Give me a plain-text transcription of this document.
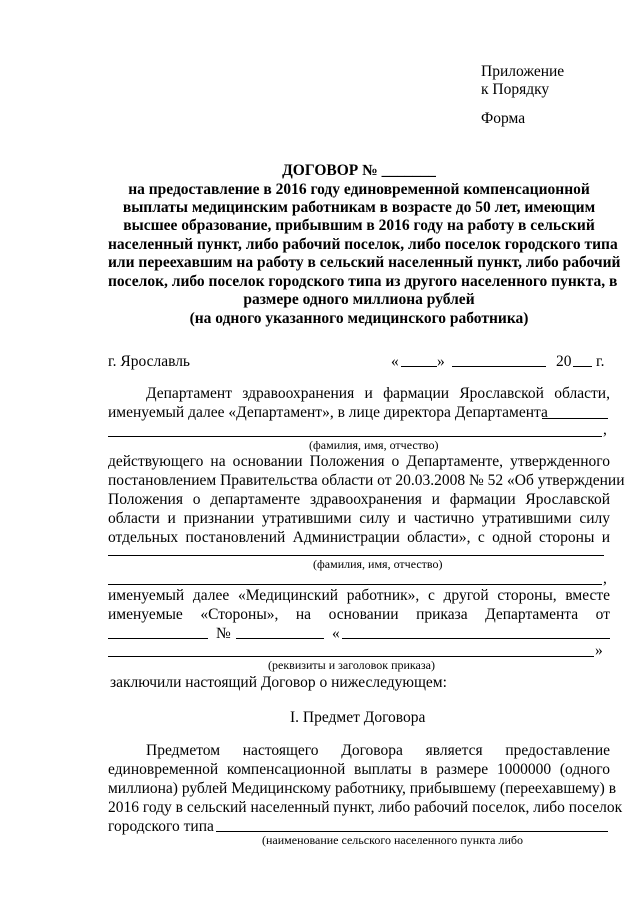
Приложение
к Порядку
Форма
ДОГОВОР № _______
на предоставление в 2016 году единовременной компенсационной
выплаты медицинским работникам в возрасте до 50 лет, имеющим
высшее образование, прибывшим в 2016 году на работу в сельский
населенный пункт, либо рабочий поселок, либо поселок городского типа
или переехавшим на работу в сельский населенный пункт, либо рабочий
поселок, либо поселок городского типа из другого населенного пункта, в
размере одного миллиона рублей
(на одного указанного медицинского работника)
г. Ярославль	« »	20 г.
Департамент здравоохранения и фармации Ярославской области,
именуемый далее «Департамент», в лице директора Департамента
,
(фамилия, имя, отчество)
действующего на основании Положения о Департаменте, утвержденного
постановлением Правительства области от 20.03.2008 № 52 «Об утверждении
Положения о департаменте здравоохранения и фармации Ярославской
области и признании утратившими силу и частично утратившими силу
отдельных постановлений Администрации области», с одной стороны и
(фамилия, имя, отчество)
,
именуемый далее «Медицинский работник», с другой стороны, вместе
именуемые «Стороны», на основании приказа Департамента от
№	«
»
(реквизиты и заголовок приказа)
заключили настоящий Договор о нижеследующем:
I. Предмет Договора
Предметом настоящего Договора является предоставление
единовременной компенсационной выплаты в размере 1000000 (одного
миллиона) рублей Медицинскому работнику, прибывшему (переехавшему) в
2016 году в сельский населенный пункт, либо рабочий поселок, либо поселок
городского типа
(наименование сельского населенного пункта либо
